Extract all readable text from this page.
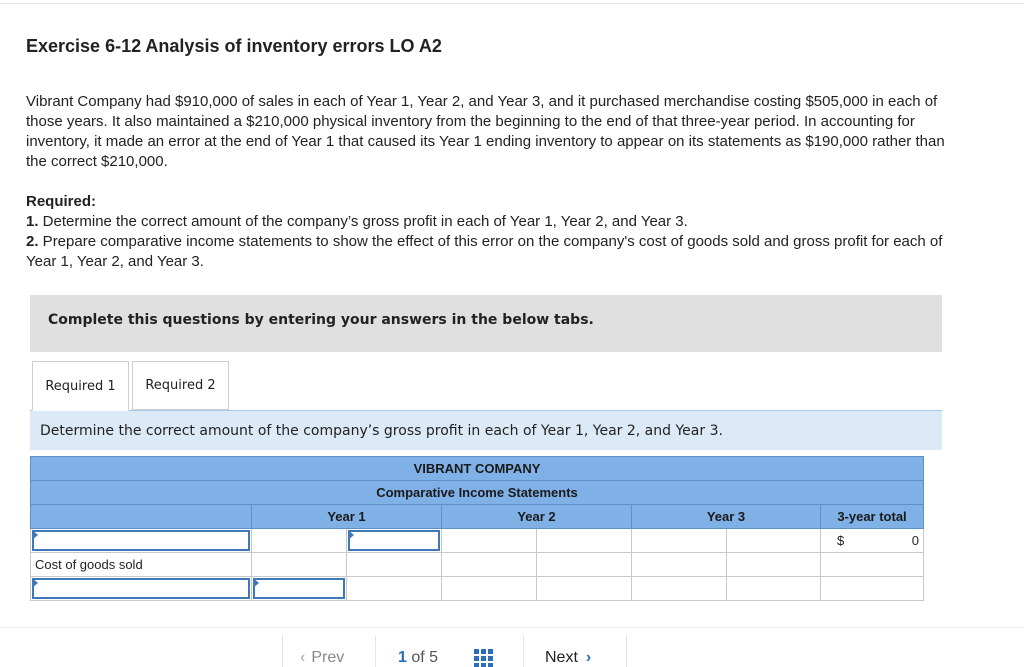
Exercise 6-12 Analysis of inventory errors LO A2

Vibrant Company had $910,000 of sales in each of Year 1, Year 2, and Year 3, and it purchased merchandise costing $505,000 in each of those years. It also maintained a $210,000 physical inventory from the beginning to the end of that three-year period. In accounting for inventory, it made an error at the end of Year 1 that caused its Year 1 ending inventory to appear on its statements as $190,000 rather than the correct $210,000.

Required:
1. Determine the correct amount of the company’s gross profit in each of Year 1, Year 2, and Year 3.
2. Prepare comparative income statements to show the effect of this error on the company's cost of goods sold and gross profit for each of Year 1, Year 2, and Year 3.
Complete this questions by entering your answers in the below tabs.
Required 1	Required 2
Determine the correct amount of the company’s gross profit in each of Year 1, Year 2, and Year 3.
VIBRANT COMPANY							
Comparative Income Statements							
	Year 1		Year 2		Year 3		3-year total

							$ 0

Cost of goods sold							

‹ Prev	1 of 5	Next ›
